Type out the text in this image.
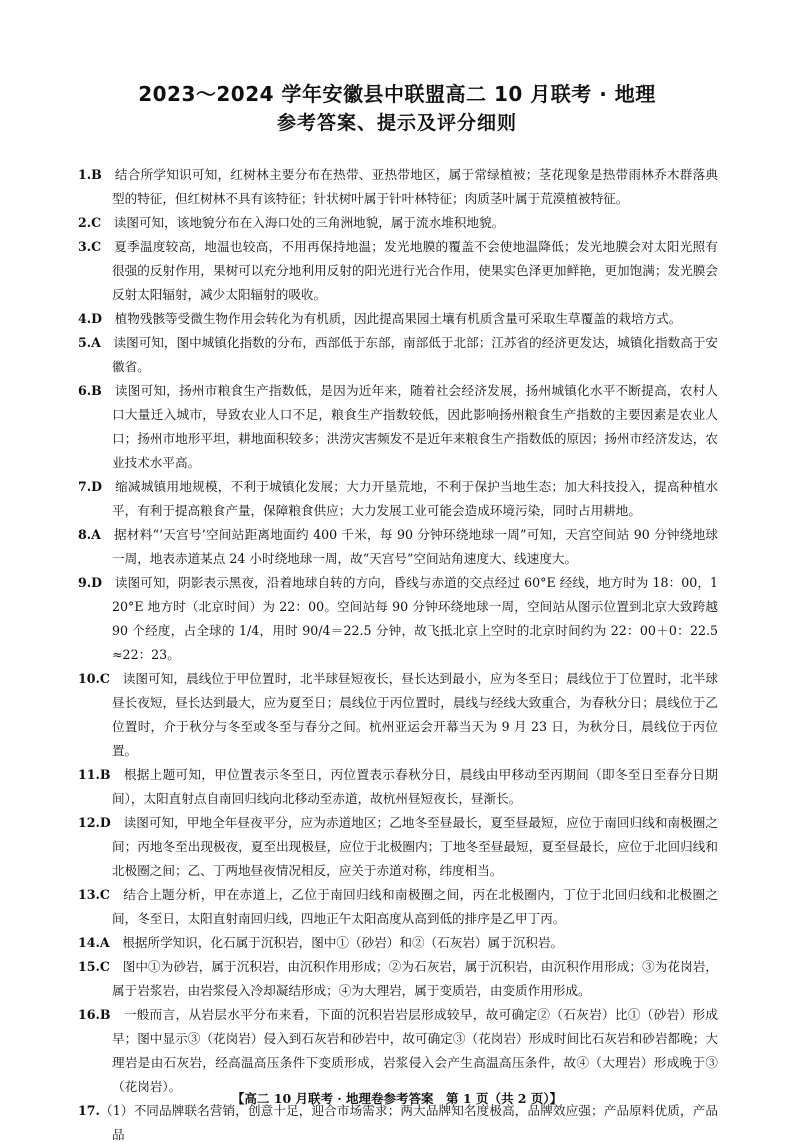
2023～2024 学年安徽县中联盟高二 10 月联考 · 地理
参考答案、提示及评分细则
1.B　 结合所学知识可知，红树林主要分布在热带、亚热带地区，属于常绿植被；茎花现象是热带雨林乔木群落典型的特征，但红树林不具有该特征；针状树叶属于针叶林特征；肉质茎叶属于荒漠植被特征。
2.C　 读图可知，该地貌分布在入海口处的三角洲地貌，属于流水堆积地貌。
3.C　 夏季温度较高，地温也较高，不用再保持地温；发光地膜的覆盖不会使地温降低；发光地膜会对太阳光照有很强的反射作用，果树可以充分地利用反射的阳光进行光合作用，使果实色泽更加鲜艳，更加饱满；发光膜会反射太阳辐射，减少太阳辐射的吸收。
4.D　 植物残骸等受微生物作用会转化为有机质，因此提高果园土壤有机质含量可采取生草覆盖的栽培方式。
5.A　 读图可知，图中城镇化指数的分布，西部低于东部，南部低于北部；江苏省的经济更发达，城镇化指数高于安徽省。
6.B　 读图可知，扬州市粮食生产指数低，是因为近年来，随着社会经济发展，扬州城镇化水平不断提高，农村人口大量迁入城市，导致农业人口不足，粮食生产指数较低，因此影响扬州粮食生产指数的主要因素是农业人口；扬州市地形平坦，耕地面积较多；洪涝灾害频发不是近年来粮食生产指数低的原因；扬州市经济发达，农业技术水平高。
7.D　 缩减城镇用地规模，不利于城镇化发展；大力开垦荒地，不利于保护当地生态；加大科技投入，提高种植水平，有利于提高粮食产量，保障粮食供应；大力发展工业可能会造成环境污染，同时占用耕地。
8.A　 据材料“‘天宫号’空间站距离地面约 400 千米，每 90 分钟环绕地球一周”可知，天宫空间站 90 分钟绕地球一周，地表赤道某点 24 小时绕地球一周，故“天宫号”空间站角速度大、线速度大。
9.D　 读图可知，阴影表示黑夜，沿着地球自转的方向，昏线与赤道的交点经过 60°E 经线，地方时为 18：00，120°E 地方时（北京时间）为 22：00。空间站每 90 分钟环绕地球一周，空间站从图示位置到北京大致跨越 90 个经度，占全球的 1/4，用时 90/4＝22.5 分钟，故飞抵北京上空时的北京时间约为 22：00＋0：22.5≈22：23。
10.C　 读图可知，晨线位于甲位置时，北半球昼短夜长，昼长达到最小，应为冬至日；晨线位于丁位置时，北半球昼长夜短，昼长达到最大，应为夏至日；晨线位于丙位置时，晨线与经线大致重合，为春秋分日；晨线位于乙位置时，介于秋分与冬至或冬至与春分之间。杭州亚运会开幕当天为 9 月 23 日，为秋分日，晨线位于丙位置。
11.B　 根据上题可知，甲位置表示冬至日，丙位置表示春秋分日，晨线由甲移动至丙期间（即冬至日至春分日期间），太阳直射点自南回归线向北移动至赤道，故杭州昼短夜长，昼渐长。
12.D　 读图可知，甲地全年昼夜平分，应为赤道地区；乙地冬至昼最长，夏至昼最短，应位于南回归线和南极圈之间；丙地冬至出现极夜，夏至出现极昼，应位于北极圈内；丁地冬至昼最短，夏至昼最长，应位于北回归线和北极圈之间；乙、丁两地昼夜情况相反，应关于赤道对称，纬度相当。
13.C　 结合上题分析，甲在赤道上，乙位于南回归线和南极圈之间，丙在北极圈内，丁位于北回归线和北极圈之间，冬至日，太阳直射南回归线，四地正午太阳高度从高到低的排序是乙甲丁丙。
14.A　 根据所学知识，化石属于沉积岩，图中①（砂岩）和②（石灰岩）属于沉积岩。
15.C　 图中①为砂岩，属于沉积岩，由沉积作用形成；②为石灰岩，属于沉积岩，由沉积作用形成；③为花岗岩，属于岩浆岩，由岩浆侵入冷却凝结形成；④为大理岩，属于变质岩，由变质作用形成。
16.B　 一般而言，从岩层水平分布来看，下面的沉积岩岩层形成较早，故可确定②（石灰岩）比①（砂岩）形成早；图中显示③（花岗岩）侵入到石灰岩和砂岩中，故可确定③（花岗岩）形成时间比石灰岩和砂岩都晚；大理岩是由石灰岩，经高温高压条件下变质形成，岩浆侵入会产生高温高压条件，故④（大理岩）形成晚于③（花岗岩）。
17.（1）不同品牌联名营销，创意十足，迎合市场需求；两大品牌知名度极高，品牌效应强；产品原料优质，产品品
【高二 10 月联考 · 地理卷参考答案　第 1 页（共 2 页）】
